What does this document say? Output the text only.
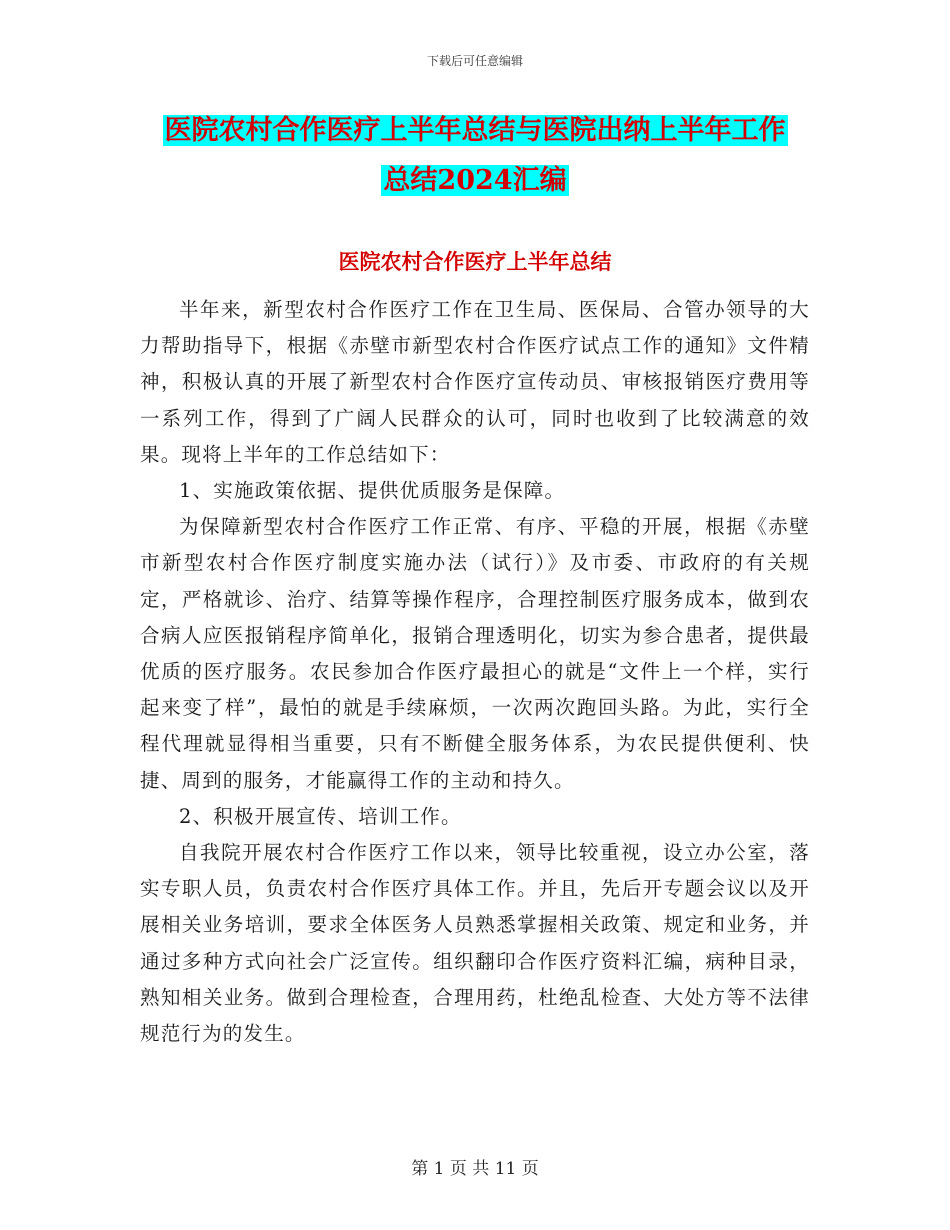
下载后可任意编辑
医院农村合作医疗上半年总结与医院出纳上半年工作
总结2024汇编
医院农村合作医疗上半年总结

半年来，新型农村合作医疗工作在卫生局、医保局、合管办领导的大力帮助指导下，根据《赤壁市新型农村合作医疗试点工作的通知》文件精神，积极认真的开展了新型农村合作医疗宣传动员、审核报销医疗费用等一系列工作，得到了广阔人民群众的认可，同时也收到了比较满意的效果。现将上半年的工作总结如下：

1、实施政策依据、提供优质服务是保障。

为保障新型农村合作医疗工作正常、有序、平稳的开展，根据《赤壁市新型农村合作医疗制度实施办法（试行）》及市委、市政府的有关规定，严格就诊、治疗、结算等操作程序，合理控制医疗服务成本，做到农合病人应医报销程序简单化，报销合理透明化，切实为参合患者，提供最优质的医疗服务。农民参加合作医疗最担心的就是“文件上一个样，实行起来变了样”，最怕的就是手续麻烦，一次两次跑回头路。为此，实行全程代理就显得相当重要，只有不断健全服务体系，为农民提供便利、快捷、周到的服务，才能赢得工作的主动和持久。

2、积极开展宣传、培训工作。

自我院开展农村合作医疗工作以来，领导比较重视，设立办公室，落实专职人员，负责农村合作医疗具体工作。并且，先后开专题会议以及开展相关业务培训，要求全体医务人员熟悉掌握相关政策、规定和业务，并通过多种方式向社会广泛宣传。组织翻印合作医疗资料汇编，病种目录，熟知相关业务。做到合理检查，合理用药，杜绝乱检查、大处方等不法律规范行为的发生。

第 1 页 共 11 页
